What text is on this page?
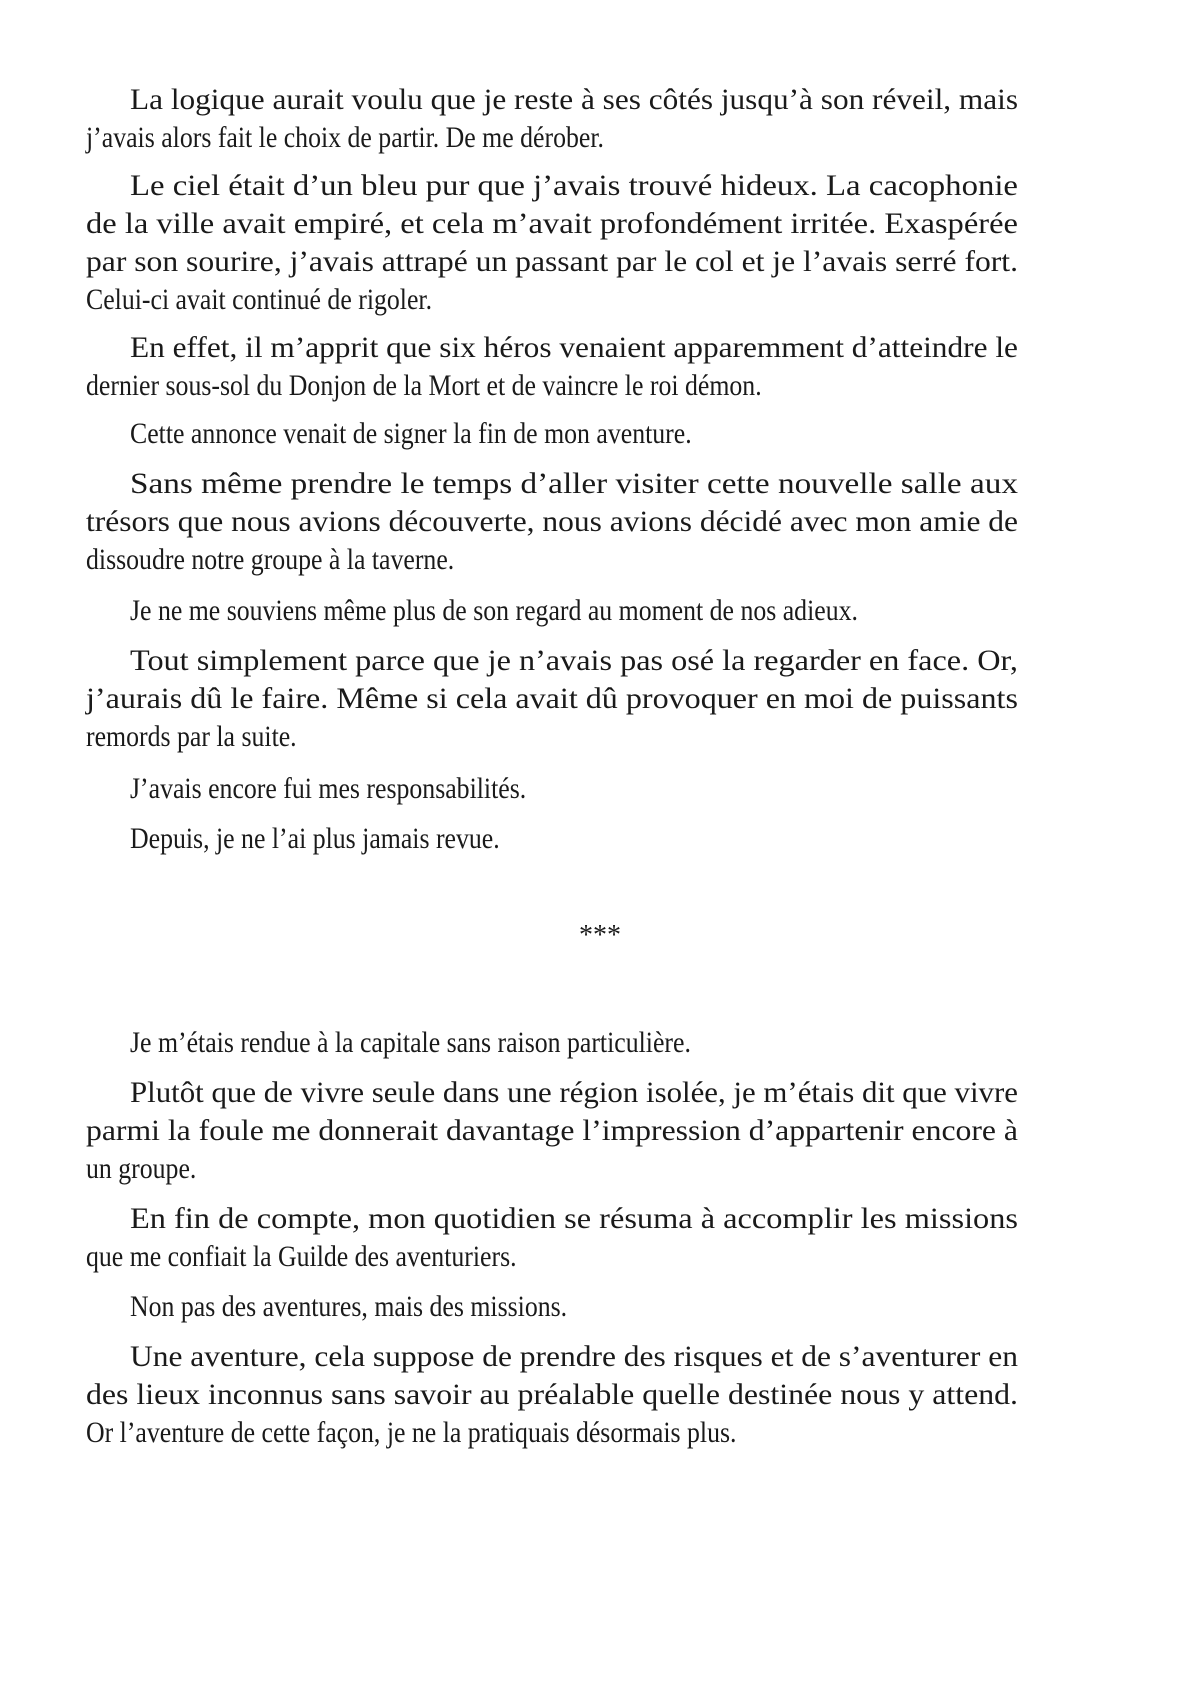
La logique aurait voulu que je reste à ses côtés jusqu’à son réveil, mais
j’avais alors fait le choix de partir. De me dérober.
Le ciel était d’un bleu pur que j’avais trouvé hideux. La cacophonie
de la ville avait empiré, et cela m’avait profondément irritée. Exaspérée
par son sourire, j’avais attrapé un passant par le col et je l’avais serré fort.
Celui-ci avait continué de rigoler.
En effet, il m’apprit que six héros venaient apparemment d’atteindre le
dernier sous-sol du Donjon de la Mort et de vaincre le roi démon.
Cette annonce venait de signer la fin de mon aventure.
Sans même prendre le temps d’aller visiter cette nouvelle salle aux
trésors que nous avions découverte, nous avions décidé avec mon amie de
dissoudre notre groupe à la taverne.
Je ne me souviens même plus de son regard au moment de nos adieux.
Tout simplement parce que je n’avais pas osé la regarder en face. Or,
j’aurais dû le faire. Même si cela avait dû provoquer en moi de puissants
remords par la suite.
J’avais encore fui mes responsabilités.
Depuis, je ne l’ai plus jamais revue.
***
Je m’étais rendue à la capitale sans raison particulière.
Plutôt que de vivre seule dans une région isolée, je m’étais dit que vivre
parmi la foule me donnerait davantage l’impression d’appartenir encore à
un groupe.
En fin de compte, mon quotidien se résuma à accomplir les missions
que me confiait la Guilde des aventuriers.
Non pas des aventures, mais des missions.
Une aventure, cela suppose de prendre des risques et de s’aventurer en
des lieux inconnus sans savoir au préalable quelle destinée nous y attend.
Or l’aventure de cette façon, je ne la pratiquais désormais plus.
